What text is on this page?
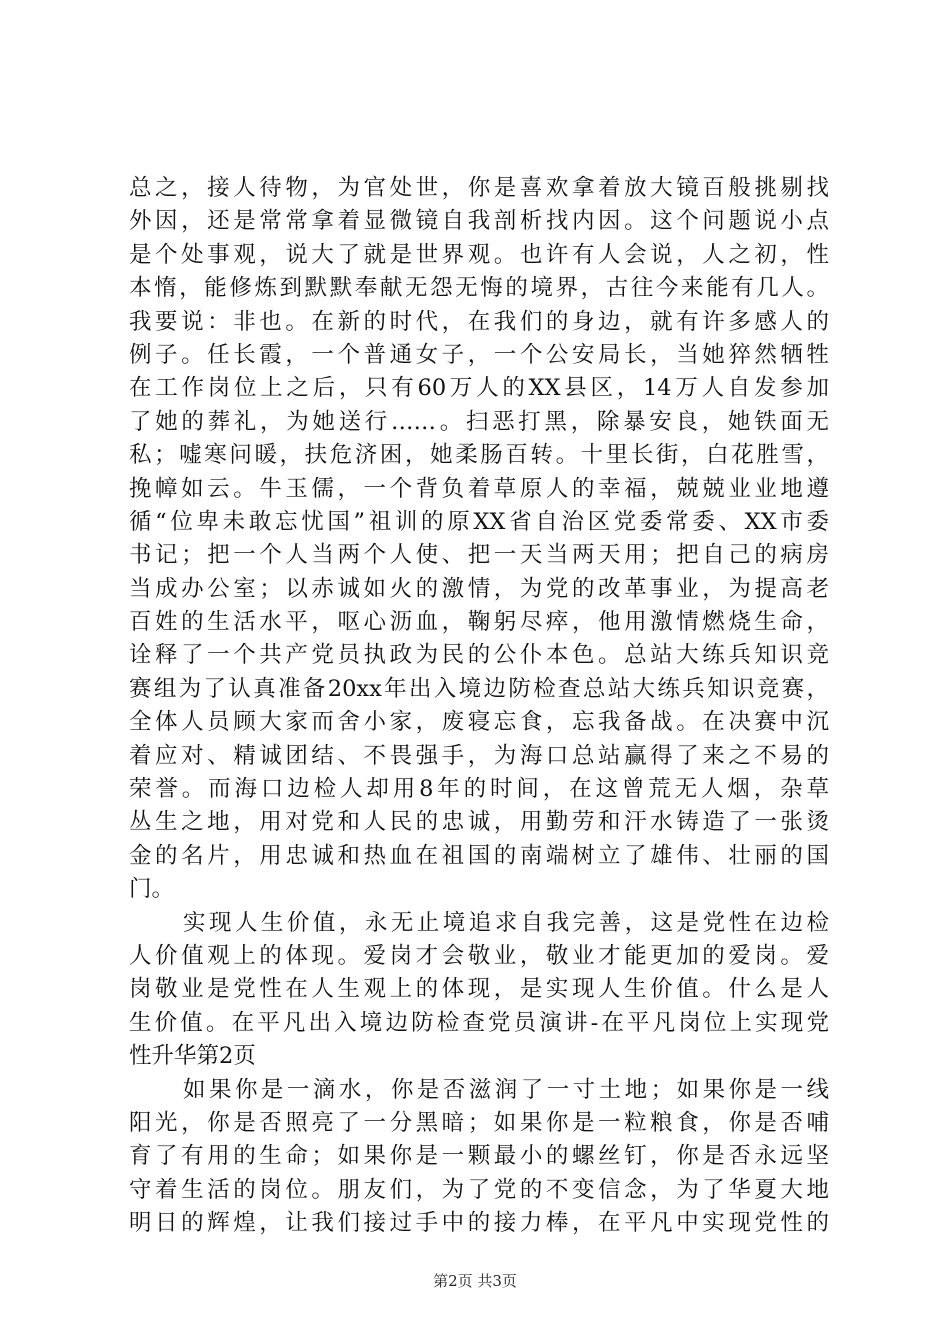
总之，接人待物，为官处世，你是喜欢拿着放大镜百般挑剔找
外因，还是常常拿着显微镜自我剖析找内因。这个问题说小点
是个处事观，说大了就是世界观。也许有人会说，人之初，性
本惰，能修炼到默默奉献无怨无悔的境界，古往今来能有几人。
我要说：非也。在新的时代，在我们的身边，就有许多感人的
例子。任长霞，一个普通女子，一个公安局长，当她猝然牺牲
在工作岗位上之后，只有60万人的XX县区，14万人自发参加
了她的葬礼，为她送行……。扫恶打黑，除暴安良，她铁面无
私；嘘寒问暖，扶危济困，她柔肠百转。十里长街，白花胜雪，
挽幛如云。牛玉儒，一个背负着草原人的幸福，兢兢业业地遵
循“位卑未敢忘忧国”祖训的原XX省自治区党委常委、XX市委
书记；把一个人当两个人使、把一天当两天用；把自己的病房
当成办公室；以赤诚如火的激情，为党的改革事业，为提高老
百姓的生活水平，呕心沥血，鞠躬尽瘁，他用激情燃烧生命，
诠释了一个共产党员执政为民的公仆本色。总站大练兵知识竞
赛组为了认真准备20xx年出入境边防检查总站大练兵知识竞赛，
全体人员顾大家而舍小家，废寝忘食，忘我备战。在决赛中沉
着应对、精诚团结、不畏强手，为海口总站赢得了来之不易的
荣誉。而海口边检人却用8年的时间，在这曾荒无人烟，杂草
丛生之地，用对党和人民的忠诚，用勤劳和汗水铸造了一张烫
金的名片，用忠诚和热血在祖国的南端树立了雄伟、壮丽的国
门。
实现人生价值，永无止境追求自我完善，这是党性在边检
人价值观上的体现。爱岗才会敬业，敬业才能更加的爱岗。爱
岗敬业是党性在人生观上的体现，是实现人生价值。什么是人
生价值。在平凡出入境边防检查党员演讲-在平凡岗位上实现党
性升华第2页
如果你是一滴水，你是否滋润了一寸土地；如果你是一线
阳光，你是否照亮了一分黑暗；如果你是一粒粮食，你是否哺
育了有用的生命；如果你是一颗最小的螺丝钉，你是否永远坚
守着生活的岗位。朋友们，为了党的不变信念，为了华夏大地
明日的辉煌，让我们接过手中的接力棒，在平凡中实现党性的
第2页 共3页
